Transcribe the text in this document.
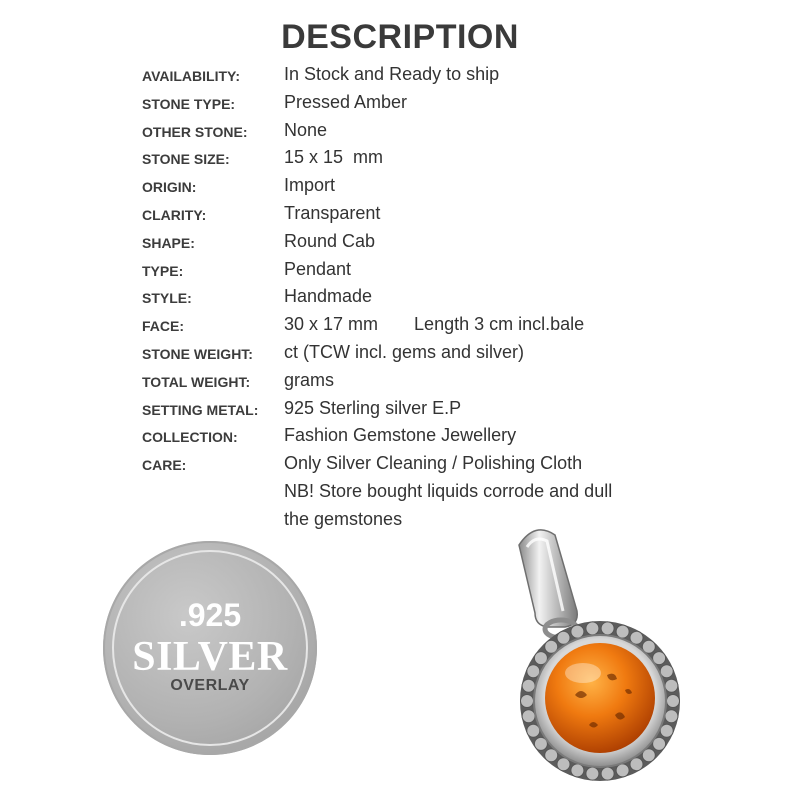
DESCRIPTION
AVAILABILITY: In Stock and Ready to ship
STONE TYPE:	Pressed Amber
OTHER STONE: None
STONE SIZE:	15 x 15  mm
ORIGIN:	Import
CLARITY:	Transparent
SHAPE:	Round Cab
TYPE:	Pendant
STYLE:	Handmade
FACE:	30 x 17 mm Length 3 cm incl.bale
STONE WEIGHT: ct (TCW incl. gems and silver)
TOTAL WEIGHT: grams
SETTING METAL: 925 Sterling silver E.P
COLLECTION:	Fashion Gemstone Jewellery
CARE:	Only Silver Cleaning / Polishing Cloth
NB! Store bought liquids corrode and dull
the gemstones
.925
SILVER
OVERLAY
